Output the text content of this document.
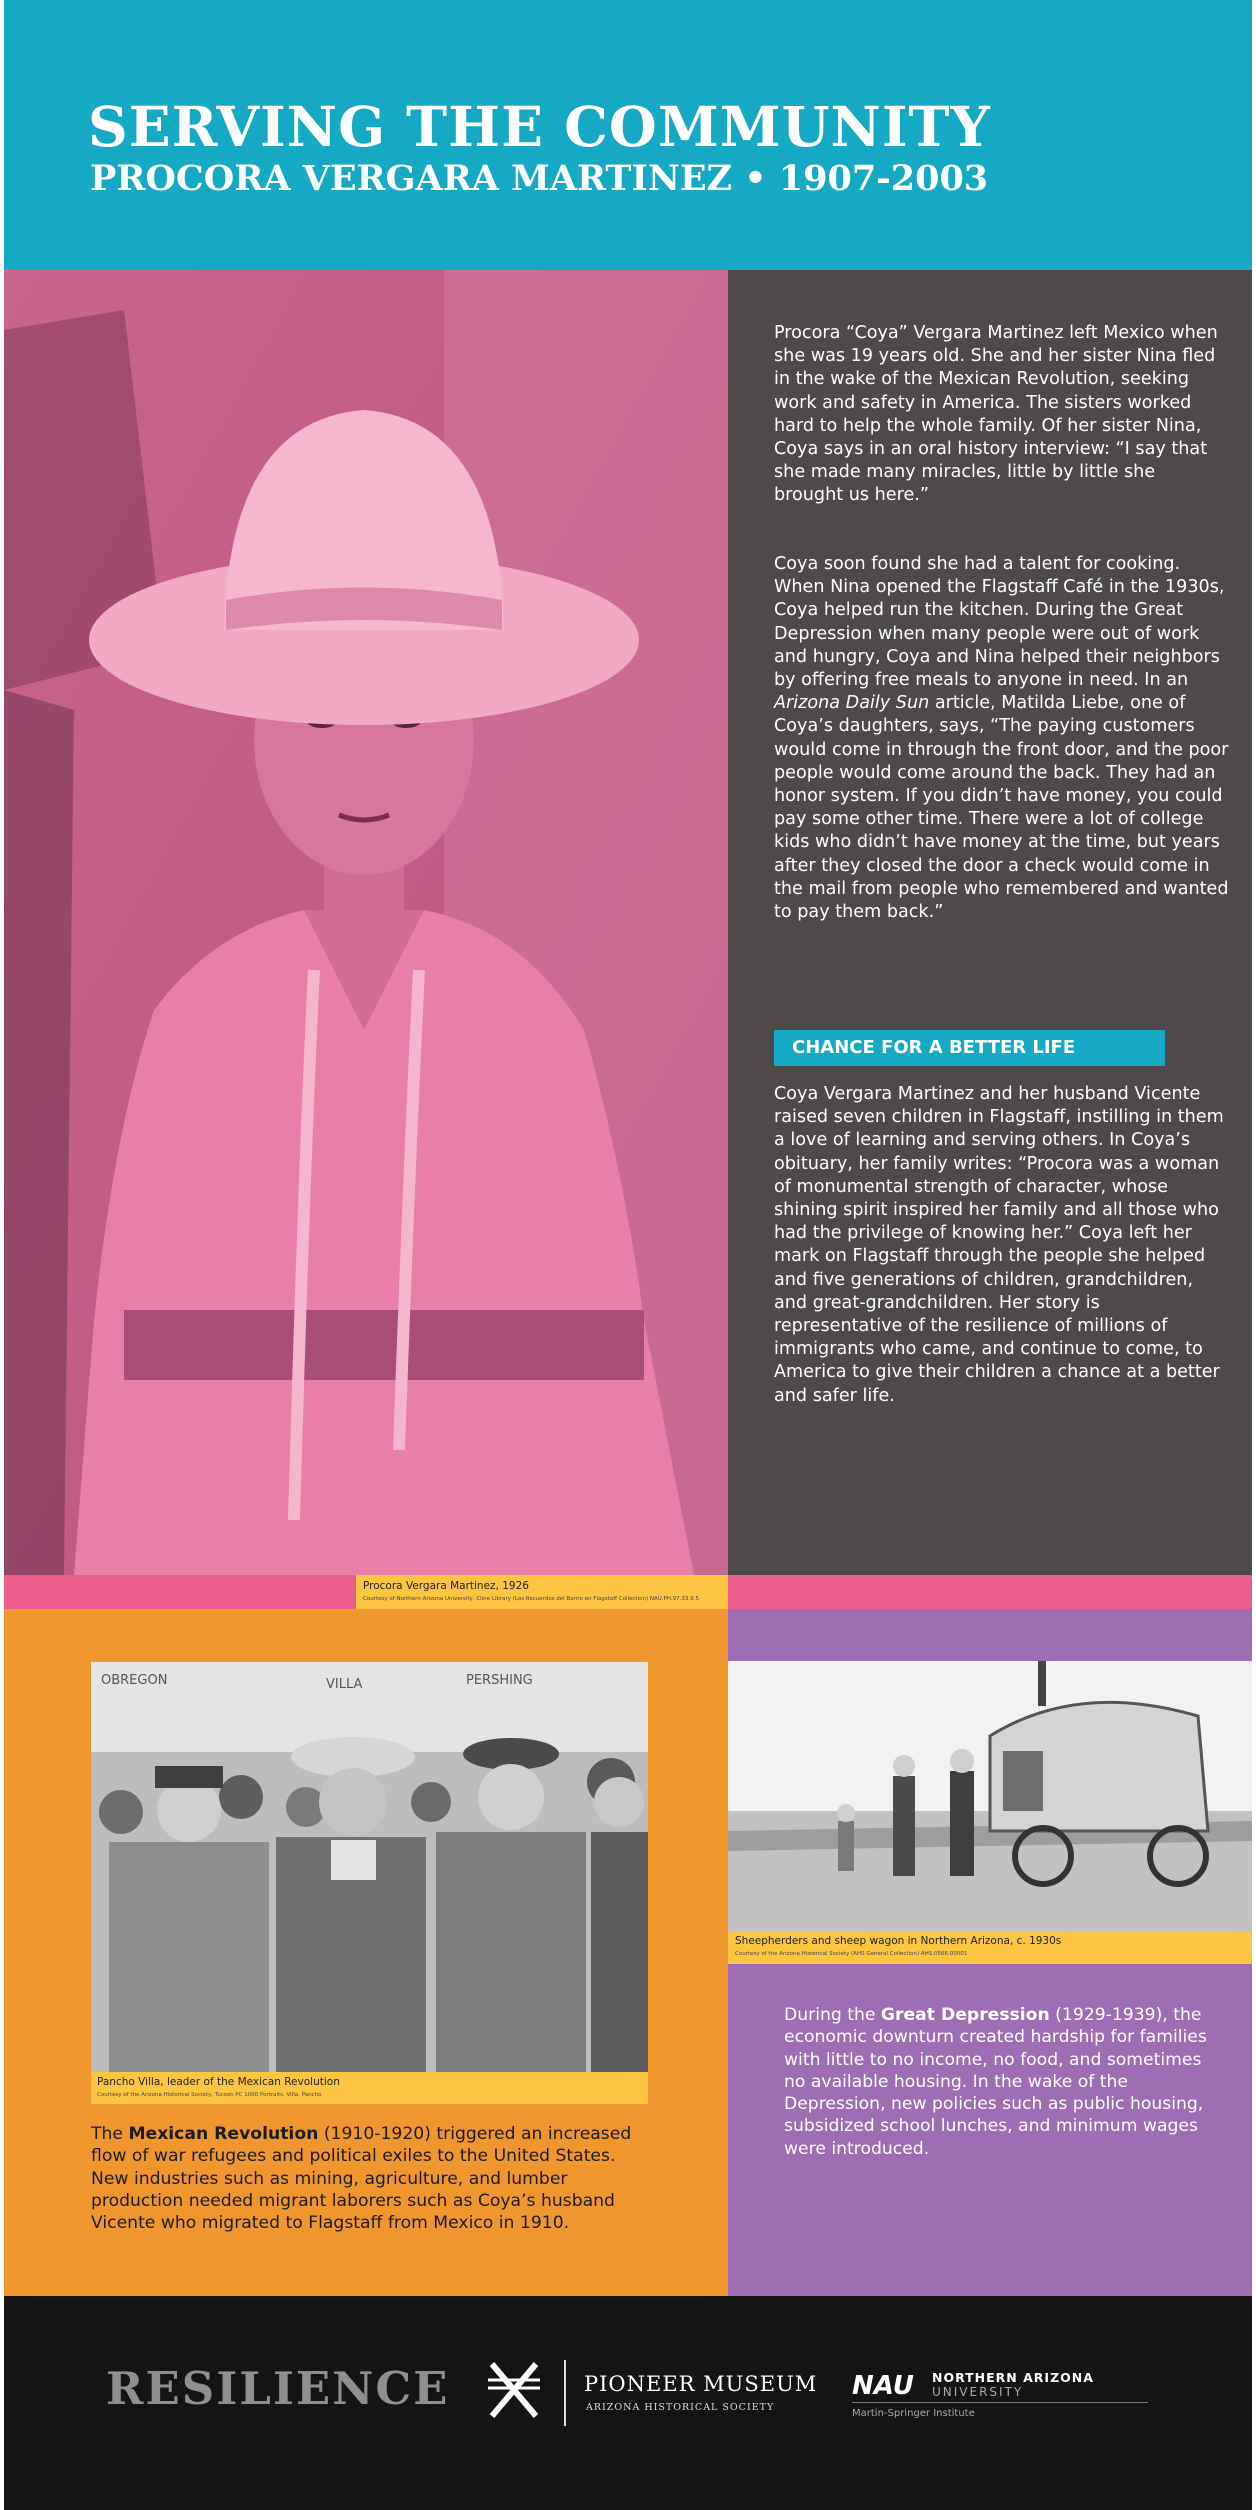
SERVING THE COMMUNITY
PROCORA VERGARA MARTINEZ • 1907-2003

Procora “Coya” Vergara Martinez left Mexico when she was 19 years old. She and her sister Nina fled in the wake of the Mexican Revolution, seeking work and safety in America. The sisters worked hard to help the whole family. Of her sister Nina, Coya says in an oral history interview: “I say that she made many miracles, little by little she brought us here.”

Coya soon found she had a talent for cooking. When Nina opened the Flagstaff Café in the 1930s, Coya helped run the kitchen. During the Great Depression when many people were out of work and hungry, Coya and Nina helped their neighbors by offering free meals to anyone in need. In an Arizona Daily Sun article, Matilda Liebe, one of Coya’s daughters, says, “The paying customers would come in through the front door, and the poor people would come around the back. They had an honor system. If you didn’t have money, you could pay some other time. There were a lot of college kids who didn’t have money at the time, but years after they closed the door a check would come in the mail from people who remembered and wanted to pay them back.”

CHANCE FOR A BETTER LIFE

Coya Vergara Martinez and her husband Vicente raised seven children in Flagstaff, instilling in them a love of learning and serving others. In Coya’s obituary, her family writes: “Procora was a woman of monumental strength of character, whose shining spirit inspired her family and all those who had the privilege of knowing her.” Coya left her mark on Flagstaff through the people she helped and five generations of children, grandchildren, and great-grandchildren. Her story is representative of the resilience of millions of immigrants who came, and continue to come, to America to give their children a chance at a better and safer life.

Procora Vergara Martinez, 1926
Courtesy of Northern Arizona University, Cline Library (Los Recuerdos del Barrio en Flagstaff Collection) NAU.PH.97.33.9.5
OBREGON	VILLA	PERSHING
Pancho Villa, leader of the Mexican Revolution
Courtesy of the Arizona Historical Society, Tucson PC 1000 Portraits, Villa, Pancho

The Mexican Revolution (1910-1920) triggered an increased flow of war refugees and political exiles to the United States. New industries such as mining, agriculture, and lumber production needed migrant laborers such as Coya’s husband Vicente who migrated to Flagstaff from Mexico in 1910.

Sheepherders and sheep wagon in Northern Arizona, c. 1930s
Courtesy of the Arizona Historical Society (AHS General Collection) AHS.0566.00001

During the Great Depression (1929-1939), the economic downturn created hardship for families with little to no income, no food, and sometimes no available housing. In the wake of the Depression, new policies such as public housing, subsidized school lunches, and minimum wages were introduced.

RESILIENCE	PIONEER MUSEUM
ARIZONA HISTORICAL SOCIETY
NAU NORTHERN ARIZONA
UNIVERSITY
Martin-Springer Institute
